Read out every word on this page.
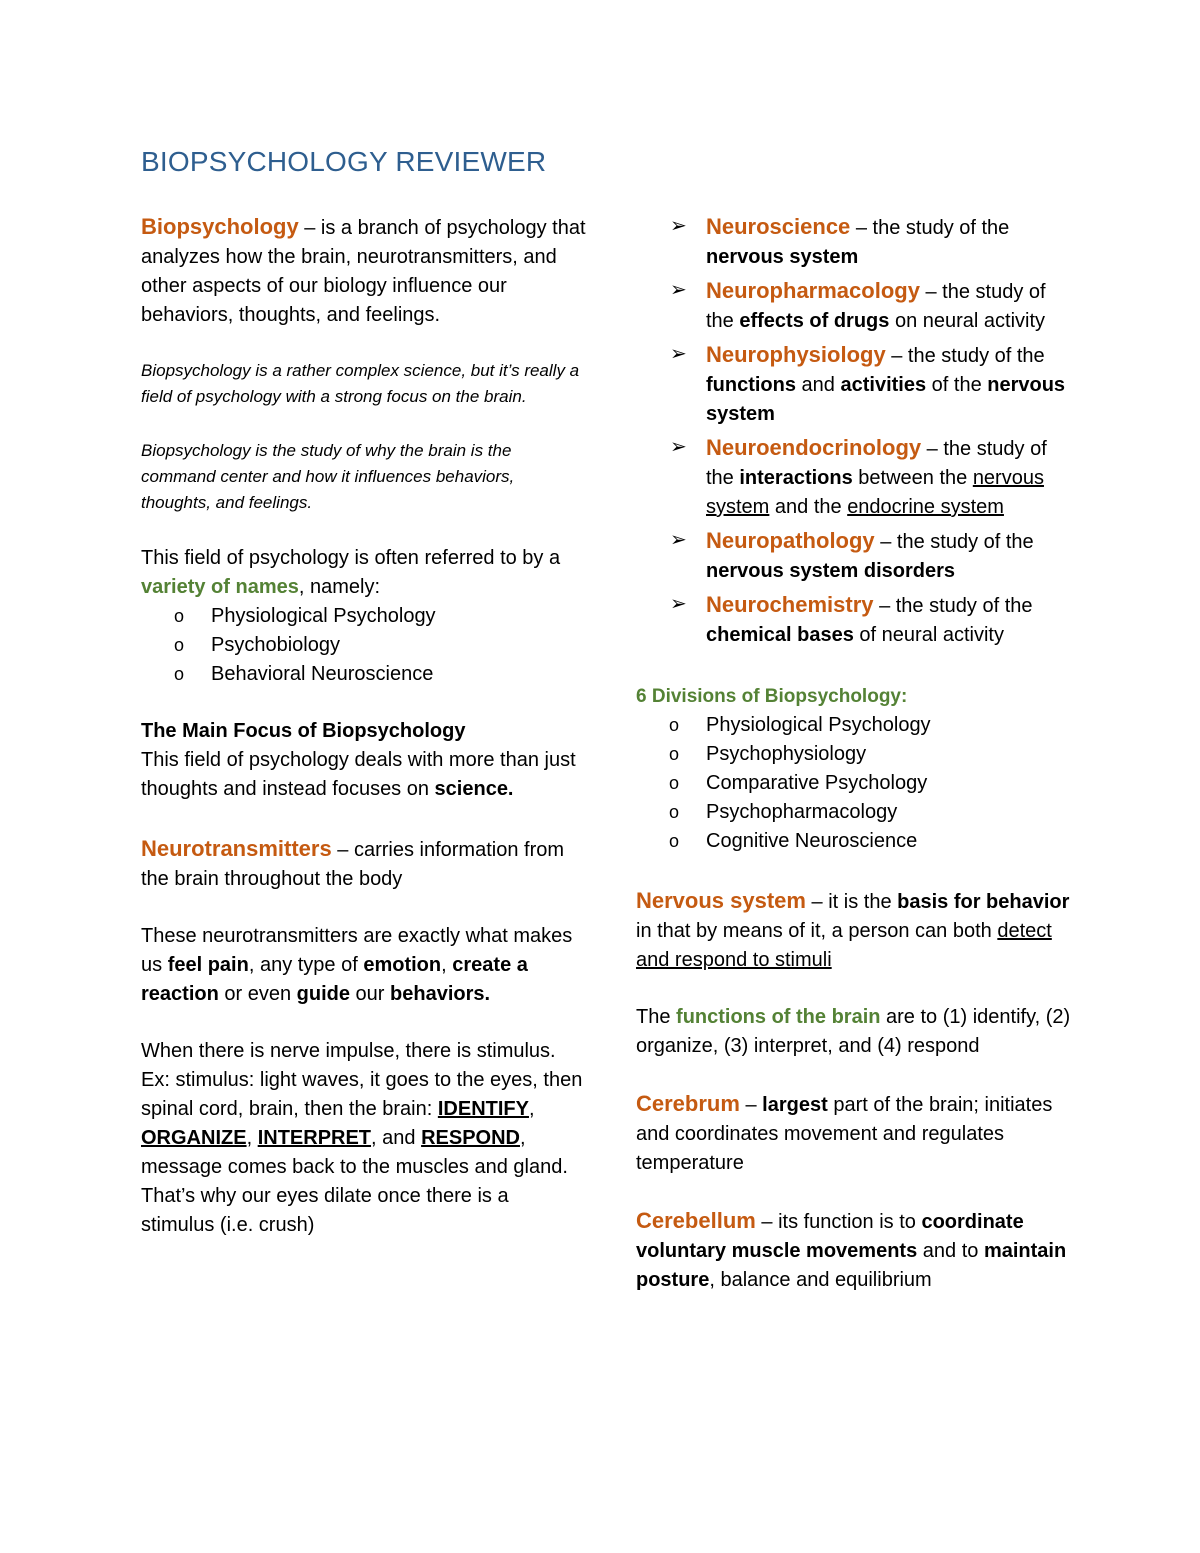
BIOPSYCHOLOGY REVIEWER

Biopsychology – is a branch of psychology that analyzes how the brain, neurotransmitters, and other aspects of our biology influence our behaviors, thoughts, and feelings.

Biopsychology is a rather complex science, but it’s really a field of psychology with a strong focus on the brain.

Biopsychology is the study of why the brain is the command center and how it influences behaviors, thoughts, and feelings.

This field of psychology is often referred to by a variety of names, namely:

o Physiological Psychology
o Psychobiology
o Behavioral Neuroscience

The Main Focus of Biopsychology

This field of psychology deals with more than just thoughts and instead focuses on science.

Neurotransmitters – carries information from the brain throughout the body

These neurotransmitters are exactly what makes us feel pain, any type of emotion, create a reaction or even guide our behaviors.

When there is nerve impulse, there is stimulus.

Ex: stimulus: light waves, it goes to the eyes, then spinal cord, brain, then the brain: IDENTIFY, ORGANIZE, INTERPRET, and RESPOND, message comes back to the muscles and gland. That’s why our eyes dilate once there is a stimulus (i.e. crush)

➢ Neuroscience – the study of the nervous system
➢ Neuropharmacology – the study of the effects of drugs on neural activity
➢ Neurophysiology – the study of the functions and activities of the nervous system
➢ Neuroendocrinology – the study of the interactions between the nervous system and the endocrine system
➢ Neuropathology – the study of the nervous system disorders
➢ Neurochemistry – the study of the chemical bases of neural activity

6 Divisions of Biopsychology:

o Physiological Psychology
o Psychophysiology
o Comparative Psychology
o Psychopharmacology
o Cognitive Neuroscience

Nervous system – it is the basis for behavior in that by means of it, a person can both detect and respond to stimuli

The functions of the brain are to (1) identify, (2) organize, (3) interpret, and (4) respond

Cerebrum – largest part of the brain; initiates and coordinates movement and regulates temperature

Cerebellum – its function is to coordinate voluntary muscle movements and to maintain posture, balance and equilibrium
